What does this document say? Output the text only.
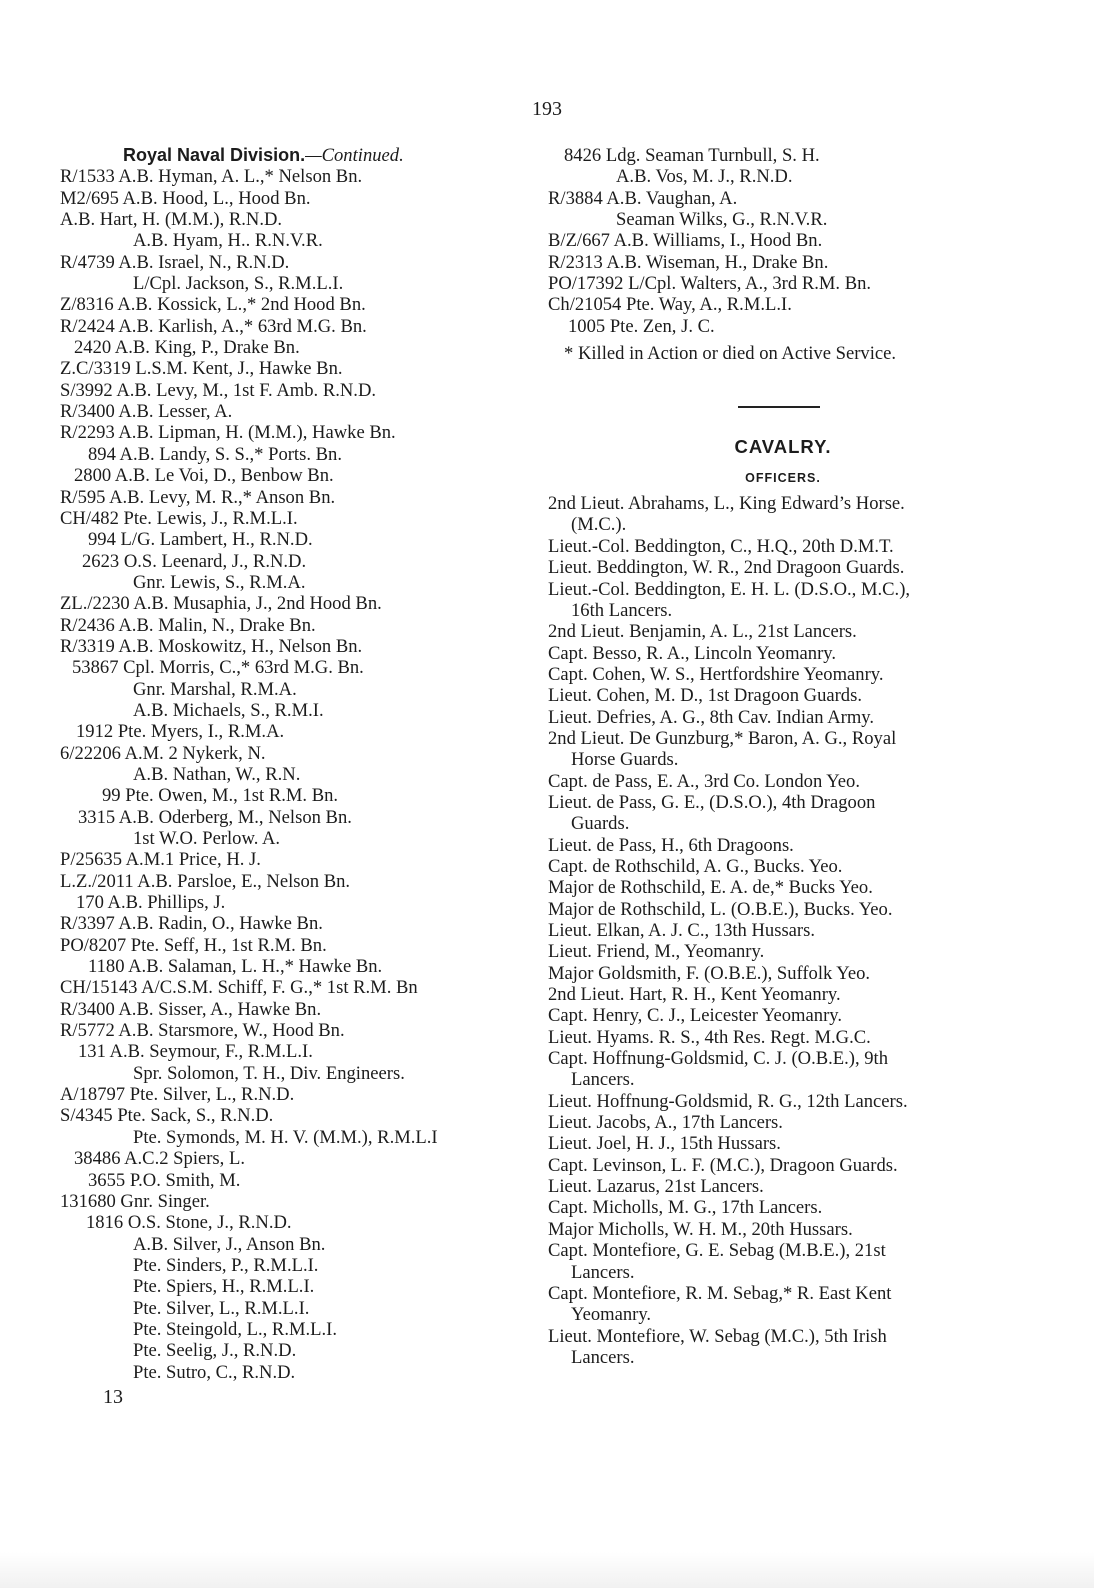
193
Royal Naval Division.—Continued.
R/1533 A.B. Hyman, A. L.,* Nelson Bn.
M2/695 A.B. Hood, L., Hood Bn.
A.B. Hart, H. (M.M.), R.N.D.
A.B. Hyam, H.. R.N.V.R.
R/4739 A.B. Israel, N., R.N.D.
L/Cpl. Jackson, S., R.M.L.I.
Z/8316 A.B. Kossick, L.,* 2nd Hood Bn.
R/2424 A.B. Karlish, A.,* 63rd M.G. Bn.
2420 A.B. King, P., Drake Bn.
Z.C/3319 L.S.M. Kent, J., Hawke Bn.
S/3992 A.B. Levy, M., 1st F. Amb. R.N.D.
R/3400 A.B. Lesser, A.
R/2293 A.B. Lipman, H. (M.M.), Hawke Bn.
894 A.B. Landy, S. S.,* Ports. Bn.
2800 A.B. Le Voi, D., Benbow Bn.
R/595 A.B. Levy, M. R.,* Anson Bn.
CH/482 Pte. Lewis, J., R.M.L.I.
994 L/G. Lambert, H., R.N.D.
2623 O.S. Leenard, J., R.N.D.
Gnr. Lewis, S., R.M.A.
ZL./2230 A.B. Musaphia, J., 2nd Hood Bn.
R/2436 A.B. Malin, N., Drake Bn.
R/3319 A.B. Moskowitz, H., Nelson Bn.
53867 Cpl. Morris, C.,* 63rd M.G. Bn.
Gnr. Marshal, R.M.A.
A.B. Michaels, S., R.M.I.
1912 Pte. Myers, I., R.M.A.
6/22206 A.M. 2 Nykerk, N.
A.B. Nathan, W., R.N.
99 Pte. Owen, M., 1st R.M. Bn.
3315 A.B. Oderberg, M., Nelson Bn.
1st W.O. Perlow. A.
P/25635 A.M.1 Price, H. J.
L.Z./2011 A.B. Parsloe, E., Nelson Bn.
170 A.B. Phillips, J.
R/3397 A.B. Radin, O., Hawke Bn.
PO/8207 Pte. Seff, H., 1st R.M. Bn.
1180 A.B. Salaman, L. H.,* Hawke Bn.
CH/15143 A/C.S.M. Schiff, F. G.,* 1st R.M. Bn
R/3400 A.B. Sisser, A., Hawke Bn.
R/5772 A.B. Starsmore, W., Hood Bn.
131 A.B. Seymour, F., R.M.L.I.
Spr. Solomon, T. H., Div. Engineers.
A/18797 Pte. Silver, L., R.N.D.
S/4345 Pte. Sack, S., R.N.D.
Pte. Symonds, M. H. V. (M.M.), R.M.L.I
38486 A.C.2 Spiers, L.
3655 P.O. Smith, M.
131680 Gnr. Singer.
1816 O.S. Stone, J., R.N.D.
A.B. Silver, J., Anson Bn.
Pte. Sinders, P., R.M.L.I.
Pte. Spiers, H., R.M.L.I.
Pte. Silver, L., R.M.L.I.
Pte. Steingold, L., R.M.L.I.
Pte. Seelig, J., R.N.D.
Pte. Sutro, C., R.N.D.
8426 Ldg. Seaman Turnbull, S. H.
A.B. Vos, M. J., R.N.D.
R/3884 A.B. Vaughan, A.
Seaman Wilks, G., R.N.V.R.
B/Z/667 A.B. Williams, I., Hood Bn.
R/2313 A.B. Wiseman, H., Drake Bn.
PO/17392 L/Cpl. Walters, A., 3rd R.M. Bn.
Ch/21054 Pte. Way, A., R.M.L.I.
1005 Pte. Zen, J. C.
* Killed in Action or died on Active Service.
CAVALRY.
OFFICERS.
2nd Lieut. Abrahams, L., King Edward’s Horse.
(M.C.).
Lieut.-Col. Beddington, C., H.Q., 20th D.M.T.
Lieut. Beddington, W. R., 2nd Dragoon Guards.
Lieut.-Col. Beddington, E. H. L. (D.S.O., M.C.),
16th Lancers.
2nd Lieut. Benjamin, A. L., 21st Lancers.
Capt. Besso, R. A., Lincoln Yeomanry.
Capt. Cohen, W. S., Hertfordshire Yeomanry.
Lieut. Cohen, M. D., 1st Dragoon Guards.
Lieut. Defries, A. G., 8th Cav. Indian Army.
2nd Lieut. De Gunzburg,* Baron, A. G., Royal
Horse Guards.
Capt. de Pass, E. A., 3rd Co. London Yeo.
Lieut. de Pass, G. E., (D.S.O.), 4th Dragoon
Guards.
Lieut. de Pass, H., 6th Dragoons.
Capt. de Rothschild, A. G., Bucks. Yeo.
Major de Rothschild, E. A. de,* Bucks Yeo.
Major de Rothschild, L. (O.B.E.), Bucks. Yeo.
Lieut. Elkan, A. J. C., 13th Hussars.
Lieut. Friend, M., Yeomanry.
Major Goldsmith, F. (O.B.E.), Suffolk Yeo.
2nd Lieut. Hart, R. H., Kent Yeomanry.
Capt. Henry, C. J., Leicester Yeomanry.
Lieut. Hyams. R. S., 4th Res. Regt. M.G.C.
Capt. Hoffnung-Goldsmid, C. J. (O.B.E.), 9th
Lancers.
Lieut. Hoffnung-Goldsmid, R. G., 12th Lancers.
Lieut. Jacobs, A., 17th Lancers.
Lieut. Joel, H. J., 15th Hussars.
Capt. Levinson, L. F. (M.C.), Dragoon Guards.
Lieut. Lazarus, 21st Lancers.
Capt. Micholls, M. G., 17th Lancers.
Major Micholls, W. H. M., 20th Hussars.
Capt. Montefiore, G. E. Sebag (M.B.E.), 21st
Lancers.
Capt. Montefiore, R. M. Sebag,* R. East Kent
Yeomanry.
Lieut. Montefiore, W. Sebag (M.C.), 5th Irish
Lancers.
13
